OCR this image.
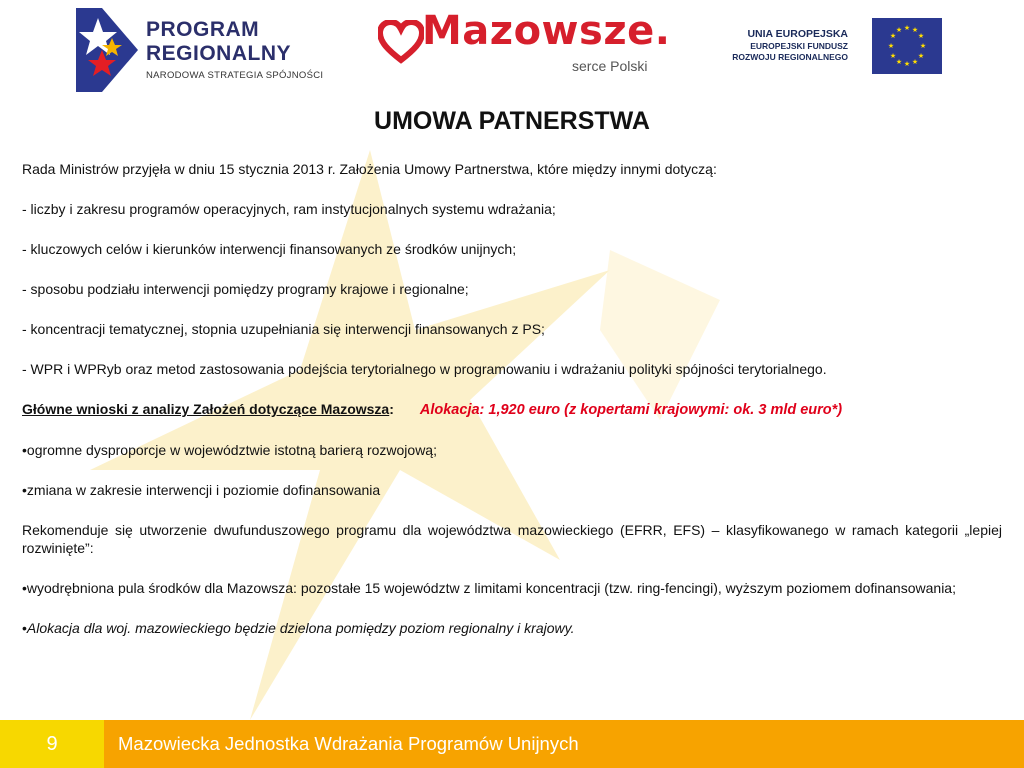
PROGRAM
REGIONALNY
NARODOWA STRATEGIA SPÓJNOŚCI
Mazowsze.
serce Polski
UNIA EUROPEJSKA
EUROPEJSKI FUNDUSZ
ROZWOJU REGIONALNEGO
★ ★
★
★
★
★
★
★
★
★
★
★
UMOWA PATNERSTWA

Rada Ministrów przyjęła w dniu 15 stycznia 2013 r. Założenia Umowy Partnerstwa, które między innymi dotyczą:

- liczby i zakresu programów operacyjnych, ram instytucjonalnych systemu wdrażania;

- kluczowych celów i kierunków interwencji finansowanych ze środków unijnych;

- sposobu podziału interwencji pomiędzy programy krajowe i regionalne;

- koncentracji tematycznej, stopnia uzupełniania się interwencji finansowanych z PS;

- WPR i WPRyb oraz metod zastosowania podejścia terytorialnego w programowaniu i wdrażaniu polityki spójności terytorialnego.

Główne wnioski z analizy Założeń dotyczące Mazowsza: Alokacja: 1,920 euro (z kopertami krajowymi: ok. 3 mld euro*)

•ogromne dysproporcje w województwie istotną barierą rozwojową;

•zmiana w zakresie interwencji i poziomie dofinansowania

Rekomenduje się utworzenie dwufunduszowego programu dla województwa mazowieckiego (EFRR, EFS) – klasyfikowanego w ramach kategorii „lepiej rozwinięte”:

•wyodrębniona pula środków dla Mazowsza: pozostałe 15 województw z limitami koncentracji (tzw. ring-fencingi), wyższym poziomem dofinansowania;

•Alokacja dla woj. mazowieckiego będzie dzielona pomiędzy poziom regionalny i krajowy.

9	Mazowiecka Jednostka Wdrażania Programów Unijnych
